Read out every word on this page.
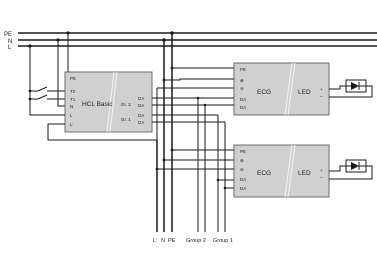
PE
N
L
HCL Basic
PE
T2
T1
N
L
L'
Gr. 2
Gr. 1
DA
DA
DA
DA
ECG	LED
PE
⊕
⊖
DA
DA
+
–
ECG	LED
PE
⊕
⊖
DA
DA
+
–
L' N PE Group 2 Group 1
